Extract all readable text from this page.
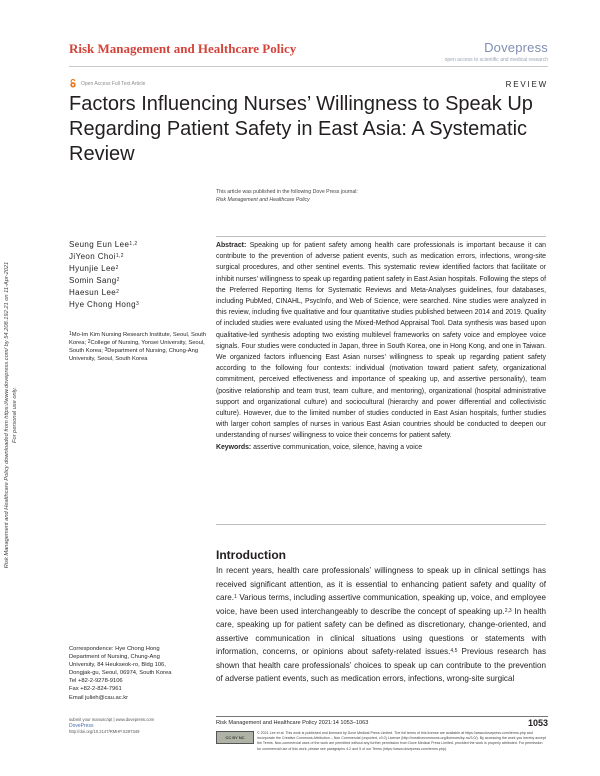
Risk Management and Healthcare Policy	Dovepress
open access to scientific and medical research
Open Access Full Text Article	REVIEW
Factors Influencing Nurses’ Willingness to Speak Up Regarding Patient Safety in East Asia: A Systematic Review
This article was published in the following Dove Press journal:
Risk Management and Healthcare Policy
Seung Eun Lee$^{1,2}$
JiYeon Choi$^{1,2}$
Hyunjie Lee$^2$
Somin Sang$^2$
Haesun Lee$^2$
Hye Chong Hong$^3$
$^1$Mo-Im Kim Nursing Research Institute, Seoul, South Korea; $^2$College of Nursing, Yonsei University, Seoul, South Korea; $^3$Department of Nursing, Chung-Ang University, Seoul, South Korea
Abstract: Speaking up for patient safety among health care professionals is important because it can contribute to the prevention of adverse patient events, such as medication errors, infections, wrong-site surgical procedures, and other sentinel events. This systematic review identified factors that facilitate or inhibit nurses’ willingness to speak up regarding patient safety in East Asian hospitals. Following the steps of the Preferred Reporting Items for Systematic Reviews and Meta-Analyses guidelines, four databases, including PubMed, CINAHL, PsycInfo, and Web of Science, were searched. Nine studies were analyzed in this review, including five qualitative and four quantitative studies published between 2014 and 2019. Quality of included studies were evaluated using the Mixed-Method Appraisal Tool. Data synthesis was based upon qualitative-led synthesis adopting two existing multilevel frameworks on safety voice and employee voice signals. Four studies were conducted in Japan, three in South Korea, one in Hong Kong, and one in Taiwan. We organized factors influencing East Asian nurses’ willingness to speak up regarding patient safety according to the following four contexts: individual (motivation toward patient safety, organizational commitment, perceived effectiveness and importance of speaking up, and assertive personality), team (positive relationship and team trust, team culture, and mentoring), organizational (hospital administrative support and organizational culture) and sociocultural (hierarchy and power differential and collectivistic culture). However, due to the limited number of studies conducted in East Asian hospitals, further studies with larger cohort samples of nurses in various East Asian countries should be conducted to deepen our understanding of nurses’ willingness to voice their concerns for patient safety.
Keywords: assertive communication, voice, silence, having a voice
Introduction
In recent years, health care professionals’ willingness to speak up in clinical settings has received significant attention, as it is essential to enhancing patient safety and quality of care.$^1$ Various terms, including assertive communication, speaking up, voice, and employee voice, have been used interchangeably to describe the concept of speaking up.$^{2,3}$ In health care, speaking up for patient safety can be defined as discretionary, change-oriented, and assertive communication in clinical situations using questions or statements with information, concerns, or opinions about safety-related issues.$^{4,5}$ Previous research has shown that health care professionals’ choices to speak up can contribute to the prevention of adverse patient events, such as medication errors, infections, wrong-site surgical
Correspondence: Hye Chong Hong
Department of Nursing, Chung-Ang
University, 84 Heukseok-ro, Bldg 106,
Dongjak-gu, Seoul, 06974, South Korea
Tel +82-2-9278-9106
Fax +82-2-824-7961
Email julieh@cau.ac.kr
Risk Management and Healthcare Policy downloaded from https://www.dovepress.com/ by 54.208.192.21 on 11-Apr-2021 For personal use only.
submit your manuscript | www.dovepress.com
DovePress
http://doi.org/10.2147/RMHP.S297349
Risk Management and Healthcare Policy 2021:14 1053–1063	1053
CC BY NC
© 2021 Lee et al. This work is published and licensed by Dove Medical Press Limited. The full terms of this license are available at https://www.dovepress.com/terms.php and incorporate the Creative Commons Attribution – Non Commercial (unported, v3.0) License (http://creativecommons.org/licenses/by-nc/3.0/). By accessing the work you hereby accept the Terms. Non-commercial uses of the work are permitted without any further permission from Dove Medical Press Limited, provided the work is properly attributed. For permission for commercial use of this work, please see paragraphs 4.2 and 5 of our Terms (https://www.dovepress.com/terms.php).
